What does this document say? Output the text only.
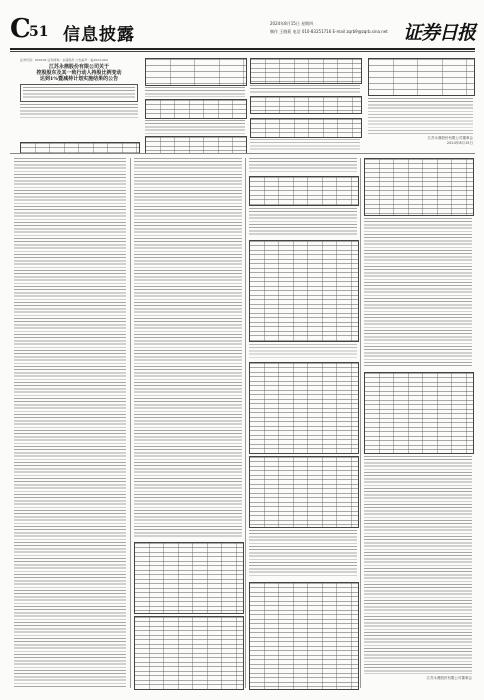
C
51 信息披露
2024年8月15日 星期四
制作 王晓莉 电话 010-83251716 E-mail zqrb9@zqrb.sina.net 证券日报
证券代码：600105 证券简称：永鼎股份 公告编号：临2024-064
江苏永鼎股份有限公司关于
控股股东及其一致行动人持股比例变动
达到1%暨减持计划实施结果的公告
江苏永鼎股份有限公司董事会
2024年8月15日
江苏永鼎股份有限公司董事会
